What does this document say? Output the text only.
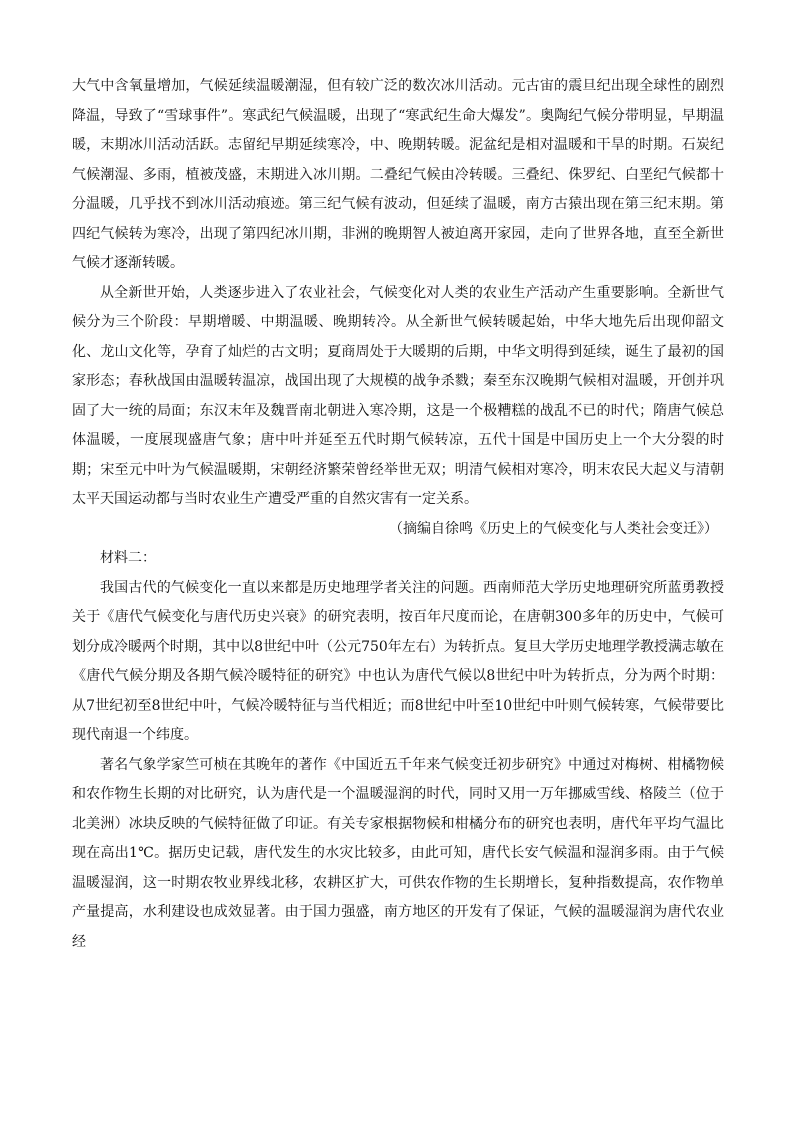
大气中含氧量增加，气候延续温暖潮湿，但有较广泛的数次冰川活动。元古宙的震旦纪出现全球性的剧烈降温，导致了“雪球事件”。寒武纪气候温暖，出现了“寒武纪生命大爆发”。奥陶纪气候分带明显，早期温暖，末期冰川活动活跃。志留纪早期延续寒冷，中、晚期转暖。泥盆纪是相对温暖和干旱的时期。石炭纪气候潮湿、多雨，植被茂盛，末期进入冰川期。二叠纪气候由冷转暖。三叠纪、侏罗纪、白垩纪气候都十分温暖，几乎找不到冰川活动痕迹。第三纪气候有波动，但延续了温暖，南方古猿出现在第三纪末期。第四纪气候转为寒冷，出现了第四纪冰川期，非洲的晚期智人被迫离开家园，走向了世界各地，直至全新世气候才逐渐转暖。

从全新世开始，人类逐步进入了农业社会，气候变化对人类的农业生产活动产生重要影响。全新世气候分为三个阶段：早期增暖、中期温暖、晚期转冷。从全新世气候转暖起始，中华大地先后出现仰韶文化、龙山文化等，孕育了灿烂的古文明；夏商周处于大暖期的后期，中华文明得到延续，诞生了最初的国家形态；春秋战国由温暖转温凉，战国出现了大规模的战争杀戮；秦至东汉晚期气候相对温暖，开创并巩固了大一统的局面；东汉末年及魏晋南北朝进入寒冷期，这是一个极糟糕的战乱不已的时代；隋唐气候总体温暖，一度展现盛唐气象；唐中叶并延至五代时期气候转凉，五代十国是中国历史上一个大分裂的时期；宋至元中叶为气候温暖期，宋朝经济繁荣曾经举世无双；明清气候相对寒冷，明末农民大起义与清朝太平天国运动都与当时农业生产遭受严重的自然灾害有一定关系。

（摘编自徐鸣《历史上的气候变化与人类社会变迁》）

材料二：

我国古代的气候变化一直以来都是历史地理学者关注的问题。西南师范大学历史地理研究所蓝勇教授关于《唐代气候变化与唐代历史兴衰》的研究表明，按百年尺度而论，在唐朝300多年的历史中，气候可划分成冷暖两个时期，其中以8世纪中叶（公元750年左右）为转折点。复旦大学历史地理学教授满志敏在《唐代气候分期及各期气候冷暖特征的研究》中也认为唐代气候以8世纪中叶为转折点，分为两个时期：从7世纪初至8世纪中叶，气候冷暖特征与当代相近；而8世纪中叶至10世纪中叶则气候转寒，气候带要比现代南退一个纬度。

著名气象学家竺可桢在其晚年的著作《中国近五千年来气候变迁初步研究》中通过对梅树、柑橘物候和农作物生长期的对比研究，认为唐代是一个温暖湿润的时代，同时又用一万年挪威雪线、格陵兰（位于北美洲）冰块反映的气候特征做了印证。有关专家根据物候和柑橘分布的研究也表明，唐代年平均气温比现在高出1℃。据历史记载，唐代发生的水灾比较多，由此可知，唐代长安气候温和湿润多雨。由于气候温暖湿润，这一时期农牧业界线北移，农耕区扩大，可供农作物的生长期增长，复种指数提高，农作物单产量提高，水利建设也成效显著。由于国力强盛，南方地区的开发有了保证，气候的温暖湿润为唐代农业经
